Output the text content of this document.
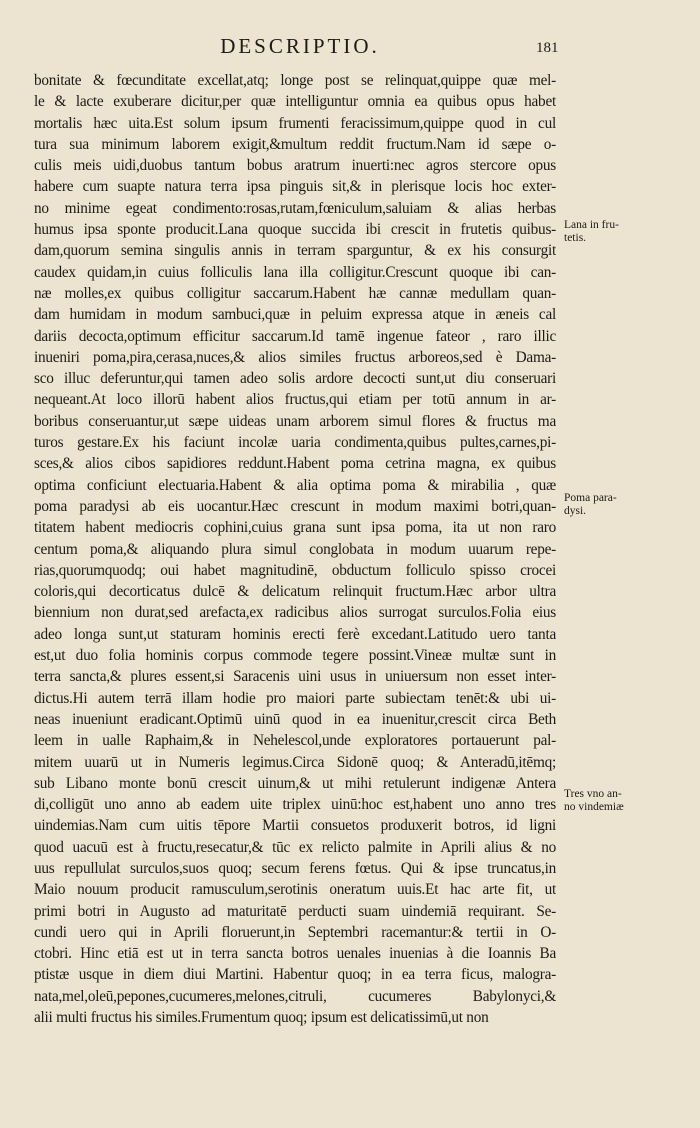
DESCRIPTIO.	181
bonitate & fœcunditate excellat,atq; longe post se relinquat,quippe quæ mel-
le & lacte exuberare dicitur,per quæ intelliguntur omnia ea quibus opus habet
mortalis hæc uita.Est solum ipsum frumenti feracissimum,quippe quod in cul
tura sua minimum laborem exigit,&multum reddit fructum.Nam id sæpe o-
culis meis uidi,duobus tantum bobus aratrum inuerti:nec agros stercore opus
habere cum suapte natura terra ipsa pinguis sit,& in plerisque locis hoc exter-
no minime egeat condimento:rosas,rutam,fœniculum,saluiam & alias herbas
humus ipsa sponte producit.Lana quoque succida ibi crescit in frutetis quibus-
dam,quorum semina singulis annis in terram sparguntur, & ex his consurgit
caudex quidam,in cuius folliculis lana illa colligitur.Crescunt quoque ibi can-
næ molles,ex quibus colligitur saccarum.Habent hæ cannæ medullam quan-
dam humidam in modum sambuci,quæ in peluim expressa atque in æneis cal
dariis decocta,optimum efficitur saccarum.Id tamē ingenue fateor , raro illic
inueniri poma,pira,cerasa,nuces,& alios similes fructus arboreos,sed è Dama-
sco illuc deferuntur,qui tamen adeo solis ardore decocti sunt,ut diu conseruari
nequeant.At loco illorū habent alios fructus,qui etiam per totū annum in ar-
boribus conseruantur,ut sæpe uideas unam arborem simul flores & fructus ma
turos gestare.Ex his faciunt incolæ uaria condimenta,quibus pultes,carnes,pi-
sces,& alios cibos sapidiores reddunt.Habent poma cetrina magna, ex quibus
optima conficiunt electuaria.Habent & alia optima poma & mirabilia , quæ
poma paradysi ab eis uocantur.Hæc crescunt in modum maximi botri,quan-
titatem habent mediocris cophini,cuius grana sunt ipsa poma, ita ut non raro
centum poma,& aliquando plura simul conglobata in modum uuarum repe-
rias,quorumquodq; oui habet magnitudinē, obductum folliculo spisso crocei
coloris,qui decorticatus dulcē & delicatum relinquit fructum.Hæc arbor ultra
biennium non durat,sed arefacta,ex radicibus alios surrogat surculos.Folia eius
adeo longa sunt,ut staturam hominis erecti ferè excedant.Latitudo uero tanta
est,ut duo folia hominis corpus commode tegere possint.Vineæ multæ sunt in
terra sancta,& plures essent,si Saracenis uini usus in uniuersum non esset inter-
dictus.Hi autem terrā illam hodie pro maiori parte subiectam tenēt:& ubi ui-
neas inueniunt eradicant.Optimū uinū quod in ea inuenitur,crescit circa Beth
leem in ualle Raphaim,& in Nehelescol,unde exploratores portauerunt pal-
mitem uuarū ut in Numeris legimus.Circa Sidonē quoq; & Anteradū,itēmq;
sub Libano monte bonū crescit uinum,& ut mihi retulerunt indigenæ Antera
di,colligūt uno anno ab eadem uite triplex uinū:hoc est,habent uno anno tres
uindemias.Nam cum uitis tēpore Martii consuetos produxerit botros, id ligni
quod uacuū est à fructu,resecatur,& tūc ex relicto palmite in Aprili alius & no
uus repullulat surculos,suos quoq; secum ferens fœtus. Qui & ipse truncatus,in
Maio nouum producit ramusculum,serotinis oneratum uuis.Et hac arte fit, ut
primi botri in Augusto ad maturitatē perducti suam uindemiā requirant. Se-
cundi uero qui in Aprili floruerunt,in Septembri racemantur:& tertii in O-
ctobri. Hinc etiā est ut in terra sancta botros uenales inuenias à die Ioannis Ba
ptistæ usque in diem diui Martini. Habentur quoq; in ea terra ficus, malogra-
nata,mel,oleū,pepones,cucumeres,melones,citruli, cucumeres Babylonyci,&
alii multi fructus his similes.Frumentum quoq; ipsum est delicatissimū,ut non
Lana in fru-
tetis.
Poma para-
dysi.
Tres vno an-
no vindemiæ
